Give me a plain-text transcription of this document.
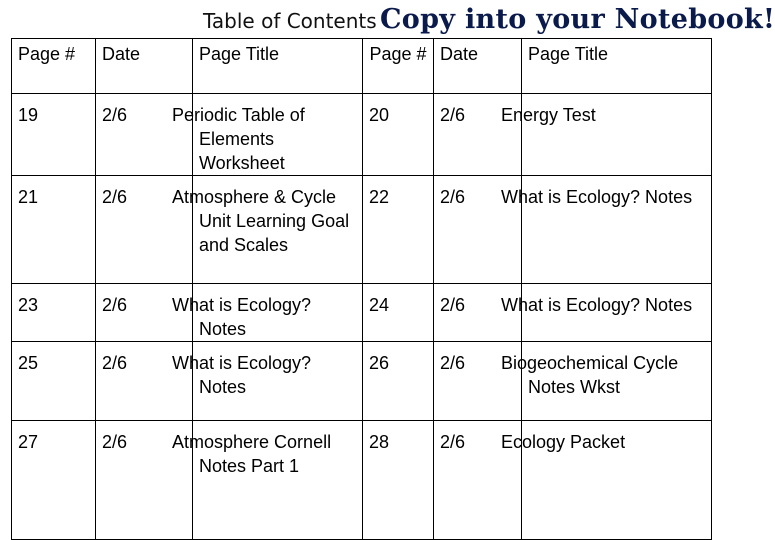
Table of Contents Copy into your Notebook!
Page #	Date	Page Title	Page #	Date	Page Title
19	2/6	Periodic Table of Elements Worksheet	20	2/6	Energy Test
21	2/6	Atmosphere & Cycle Unit Learning Goal and Scales	22	2/6	What is Ecology? Notes
23	2/6	What is Ecology? Notes	24	2/6	What is Ecology? Notes
25	2/6	What is Ecology? Notes	26	2/6	Biogeochemical Cycle Notes Wkst
27	2/6	Atmosphere Cornell Notes Part 1	28	2/6	Ecology Packet
